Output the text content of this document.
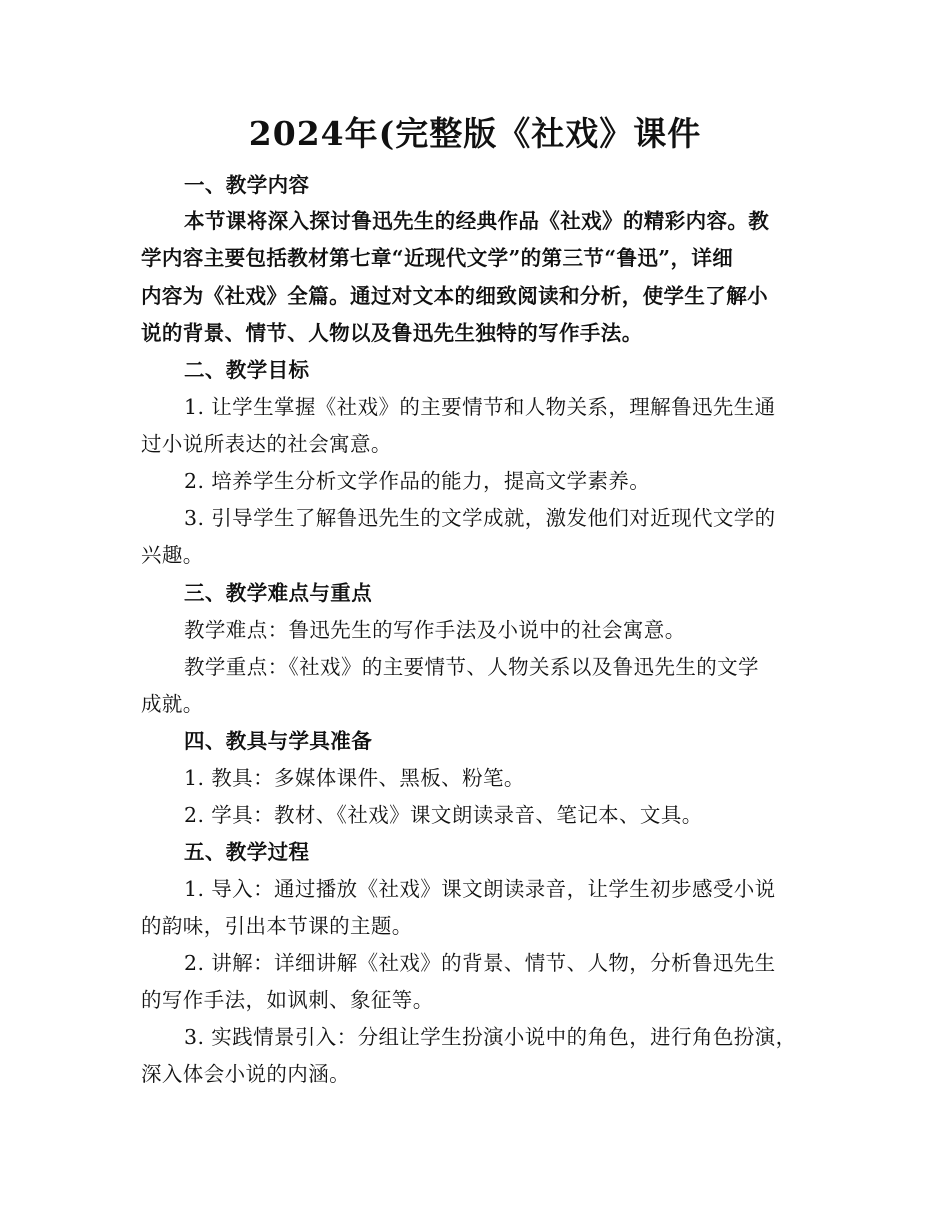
2024年(完整版《社戏》课件
一、教学内容
本节课将深入探讨鲁迅先生的经典作品《社戏》的精彩内容。教
学内容主要包括教材第七章“近现代文学”的第三节“鲁迅”，详细
内容为《社戏》全篇。通过对文本的细致阅读和分析，使学生了解小
说的背景、情节、人物以及鲁迅先生独特的写作手法。
二、教学目标
1. 让学生掌握《社戏》的主要情节和人物关系，理解鲁迅先生通
过小说所表达的社会寓意。
2. 培养学生分析文学作品的能力，提高文学素养。
3. 引导学生了解鲁迅先生的文学成就，激发他们对近现代文学的
兴趣。
三、教学难点与重点
教学难点：鲁迅先生的写作手法及小说中的社会寓意。
教学重点：《社戏》的主要情节、人物关系以及鲁迅先生的文学
成就。
四、教具与学具准备
1. 教具：多媒体课件、黑板、粉笔。
2. 学具：教材、《社戏》课文朗读录音、笔记本、文具。
五、教学过程
1. 导入：通过播放《社戏》课文朗读录音，让学生初步感受小说
的韵味，引出本节课的主题。
2. 讲解：详细讲解《社戏》的背景、情节、人物，分析鲁迅先生
的写作手法，如讽刺、象征等。
3. 实践情景引入：分组让学生扮演小说中的角色，进行角色扮演，
深入体会小说的内涵。
